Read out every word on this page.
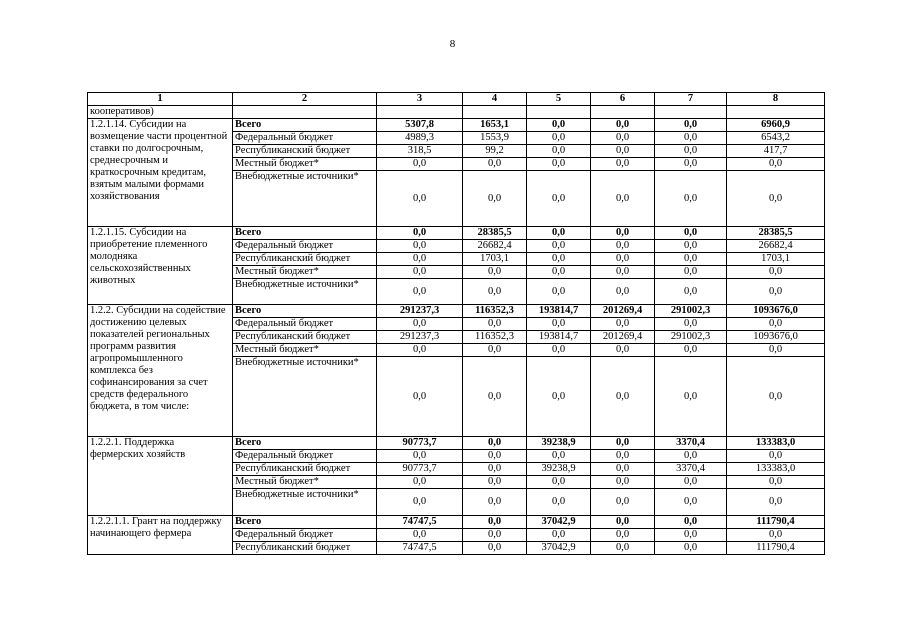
8
1	2	3	4	5	6	7	8
кооперативов)							
1.2.1.14. Субсидии на возмещение части процентной ставки по долгосрочным, среднесрочным и краткосрочным кредитам, взятым малыми формами хозяйствования	Всего	5307,8	1653,1	0,0	0,0	0,0	6960,9
	Федеральный бюджет	4989,3	1553,9	0,0	0,0	0,0	6543,2
	Республиканский бюджет	318,5	99,2	0,0	0,0	0,0	417,7
	Местный бюджет*	0,0	0,0	0,0	0,0	0,0	0,0
	Внебюджетные источники*	0,0	0,0	0,0	0,0	0,0	0,0
1.2.1.15. Субсидии на приобретение племенного молодняка сельскохозяйственных животных	Всего	0,0	28385,5	0,0	0,0	0,0	28385,5
	Федеральный бюджет	0,0	26682,4	0,0	0,0	0,0	26682,4
	Республиканский бюджет	0,0	1703,1	0,0	0,0	0,0	1703,1
	Местный бюджет*	0,0	0,0	0,0	0,0	0,0	0,0
	Внебюджетные источники*	0,0	0,0	0,0	0,0	0,0	0,0
1.2.2. Субсидии на содействие достижению целевых показателей региональных программ развития агропромышленного комплекса без софинансирования за счет средств федерального бюджета, в том числе:	Всего	291237,3	116352,3	193814,7	201269,4	291002,3	1093676,0
	Федеральный бюджет	0,0	0,0	0,0	0,0	0,0	0,0
	Республиканский бюджет	291237,3	116352,3	193814,7	201269,4	291002,3	1093676,0
	Местный бюджет*	0,0	0,0	0,0	0,0	0,0	0,0
	Внебюджетные источники*	0,0	0,0	0,0	0,0	0,0	0,0
1.2.2.1. Поддержка фермерских хозяйств	Всего	90773,7	0,0	39238,9	0,0	3370,4	133383,0
	Федеральный бюджет	0,0	0,0	0,0	0,0	0,0	0,0
	Республиканский бюджет	90773,7	0,0	39238,9	0,0	3370,4	133383,0
	Местный бюджет*	0,0	0,0	0,0	0,0	0,0	0,0
	Внебюджетные источники*	0,0	0,0	0,0	0,0	0,0	0,0
1.2.2.1.1. Грант на поддержку начинающего фермера	Всего	74747,5	0,0	37042,9	0,0	0,0	111790,4
	Федеральный бюджет	0,0	0,0	0,0	0,0	0,0	0,0
	Республиканский бюджет	74747,5	0,0	37042,9	0,0	0,0	111790,4
